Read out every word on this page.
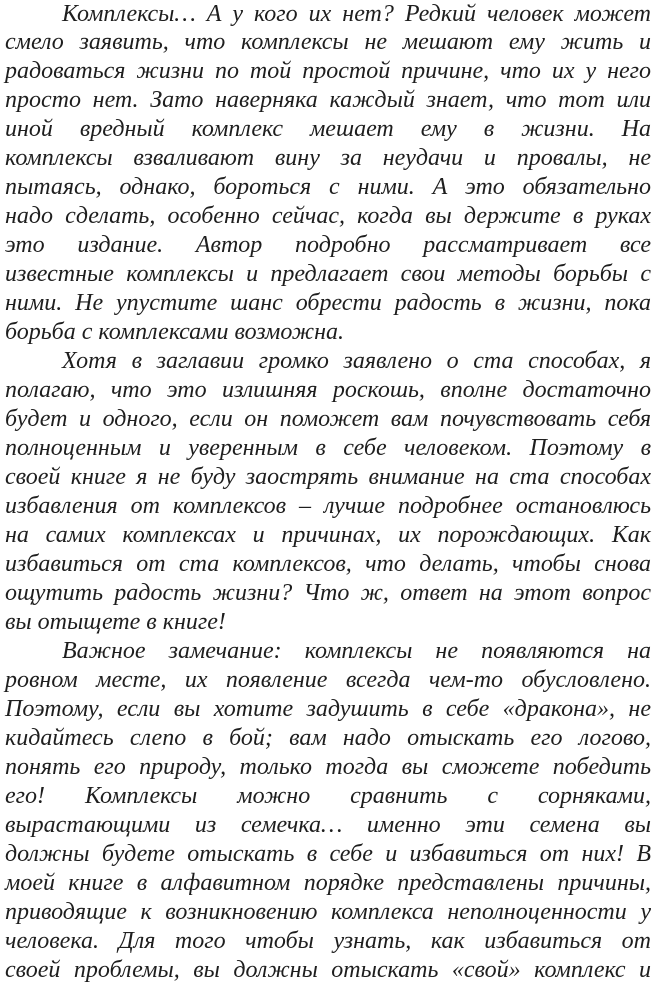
Комплексы… А у кого их нет? Редкий человек может
смело заявить, что комплексы не мешают ему жить и
радоваться жизни по той простой причине, что их у него
просто нет. Зато наверняка каждый знает, что тот или
иной вредный комплекс мешает ему в жизни. На
комплексы взваливают вину за неудачи и провалы, не
пытаясь, однако, бороться с ними. А это обязательно
надо сделать, особенно сейчас, когда вы держите в руках
это издание. Автор подробно рассматривает все
известные комплексы и предлагает свои методы борьбы с
ними. Не упустите шанс обрести радость в жизни, пока
борьба с комплексами возможна.
Хотя в заглавии громко заявлено о ста способах, я
полагаю, что это излишняя роскошь, вполне достаточно
будет и одного, если он поможет вам почувствовать себя
полноценным и уверенным в себе человеком. Поэтому в
своей книге я не буду заострять внимание на ста способах
избавления от комплексов – лучше подробнее остановлюсь
на самих комплексах и причинах, их порождающих. Как
избавиться от ста комплексов, что делать, чтобы снова
ощутить радость жизни? Что ж, ответ на этот вопрос
вы отыщете в книге!
Важное замечание: комплексы не появляются на
ровном месте, их появление всегда чем-то обусловлено.
Поэтому, если вы хотите задушить в себе «дракона», не
кидайтесь слепо в бой; вам надо отыскать его логово,
понять его природу, только тогда вы сможете победить
его! Комплексы можно сравнить с сорняками,
вырастающими из семечка… именно эти семена вы
должны будете отыскать в себе и избавиться от них! В
моей книге в алфавитном порядке представлены причины,
приводящие к возникновению комплекса неполноценности у
человека. Для того чтобы узнать, как избавиться от
своей проблемы, вы должны отыскать «свой» комплекс и
